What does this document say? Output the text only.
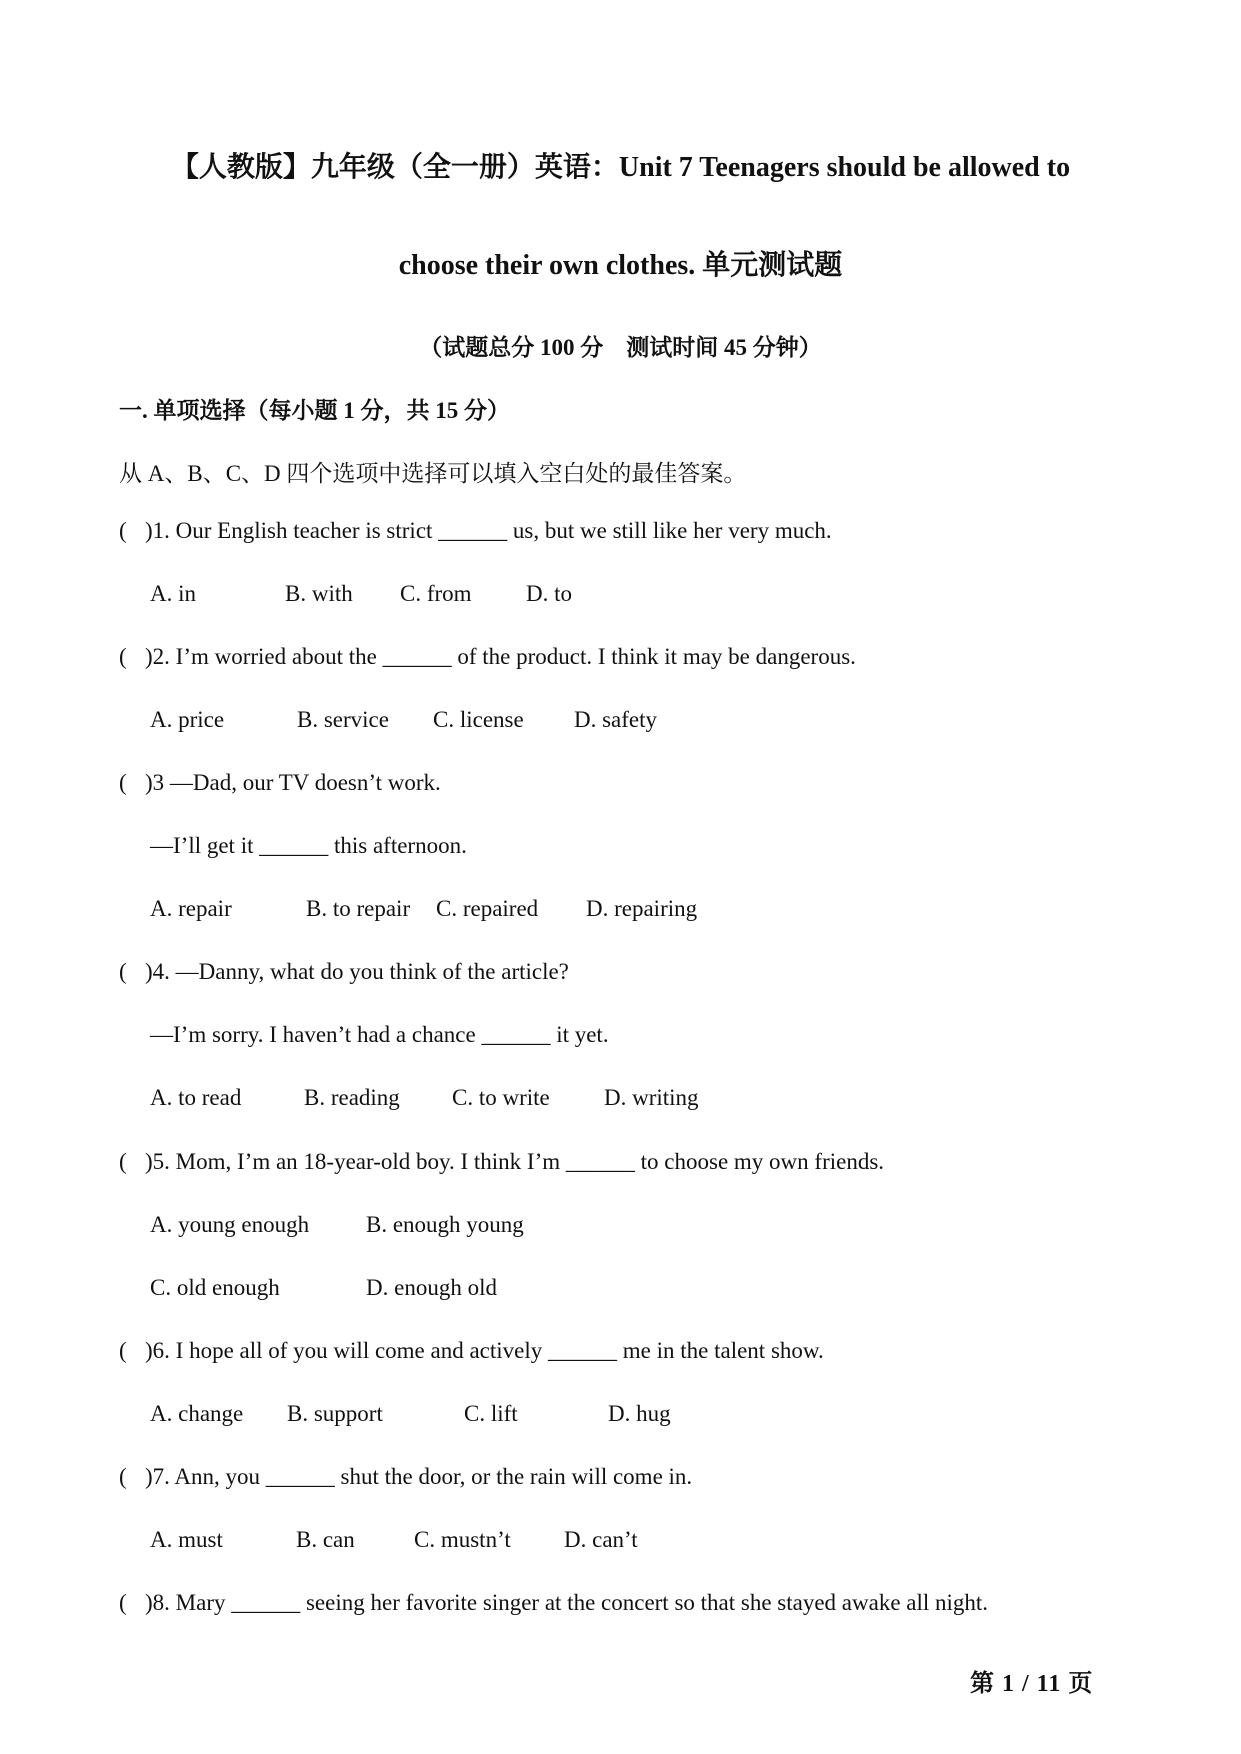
【人教版】九年级（全一册）英语：Unit 7 Teenagers should be allowed to
choose their own clothes. 单元测试题
（试题总分 100 分　测试时间 45 分钟）
一. 单项选择（每小题 1 分，共 15 分）
从 A、B、C、D 四个选项中选择可以填入空白处的最佳答案。
( )1. Our English teacher is strict ______ us, but we still like her very much.
A. in	B. with C. from D. to
( )2. I’m worried about the ______ of the product. I think it may be dangerous.
A. price	B. service C. license D. safety
( )3 —Dad, our TV doesn’t work.
—I’ll get it ______ this afternoon.
A. repair	B. to repair C. repaired D. repairing
( )4. —Danny, what do you think of the article?
—I’m sorry. I haven’t had a chance ______ it yet.
A. to read	B. reading C. to write D. writing
( )5. Mom, I’m an 18-year-old boy. I think I’m ______ to choose my own friends.
A. young enough B. enough young
C. old enough	D. enough old
( )6. I hope all of you will come and actively ______ me in the talent show.
A. change B. support	C. lift	D. hug
( )7. Ann, you ______ shut the door, or the rain will come in.
A. must	B. can	C. mustn’t D. can’t
( )8. Mary ______ seeing her favorite singer at the concert so that she stayed awake all night.
第 1 / 11 页
